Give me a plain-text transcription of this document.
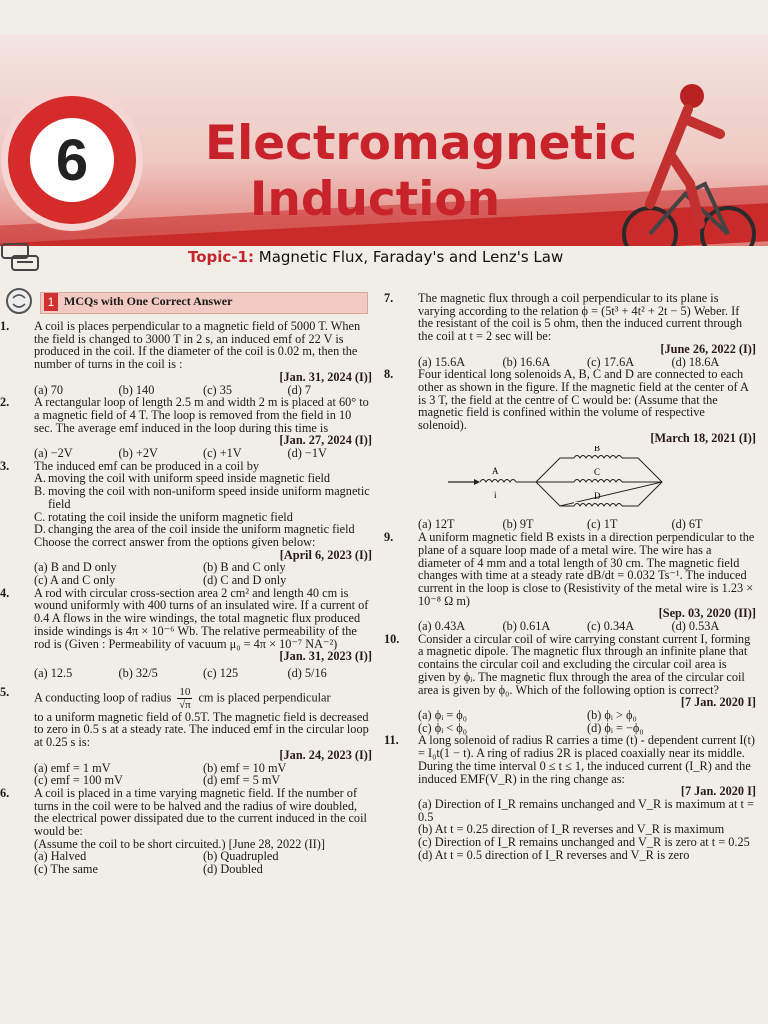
6	Electromagnetic
Induction
Topic-1: Magnetic Flux, Faraday's and Lenz's Law
1 MCQs with One Correct Answer
1. A coil is places perpendicular to a magnetic field of 5000 T. When the field is changed to 3000 T in 2 s, an induced emf of 22 V is produced in the coil. If the diameter of the coil is 0.02 m, then the number of turns in the coil is :
[Jan. 31, 2024 (I)]
(a) 70	(b) 140	(c) 35	(d) 7
2. A rectangular loop of length 2.5 m and width 2 m is placed at 60° to a magnetic field of 4 T. The loop is removed from the field in 10 sec. The average emf induced in the loop during this time is
[Jan. 27, 2024 (I)]
(a) −2V	(b) +2V	(c) +1V	(d) −1V
3. The induced emf can be produced in a coil by
A. moving the coil with uniform speed inside magnetic field
B. moving the coil with non-uniform speed inside uniform magnetic field
C. rotating the coil inside the uniform magnetic field
D. changing the area of the coil inside the uniform magnetic field
Choose the correct answer from the options given below:
[April 6, 2023 (I)]
(a) B and D only	(b) B and C only
(c) A and C only	(d) C and D only
4. A rod with circular cross-section area 2 cm² and length 40 cm is wound uniformly with 400 turns of an insulated wire. If a current of 0.4 A flows in the wire windings, the total magnetic flux produced inside windings is 4π × 10⁻⁶ Wb. The relative permeability of the rod is (Given : Permeability of vacuum μ₀ = 4π × 10⁻⁷ NA⁻²)
[Jan. 31, 2023 (I)]
(a) 12.5	(b) 32/5	(c) 125	(d) 5/16
5. A conducting loop of radius $\frac{10}{√\pi}$ cm is placed perpendicular
to a uniform magnetic field of 0.5T. The magnetic field is decreased to zero in 0.5 s at a steady rate. The induced emf in the circular loop at 0.25 s is:
[Jan. 24, 2023 (I)]
(a) emf = 1 mV	(b) emf = 10 mV
(c) emf = 100 mV	(d) emf = 5 mV
6. A coil is placed in a time varying magnetic field. If the number of turns in the coil were to be halved and the radius of wire doubled, the electrical power dissipated due to the current induced in the coil would be:
(Assume the coil to be short circuited.) [June 28, 2022 (II)]
(a) Halved	(b) Quadrupled
(c) The same	(d) Doubled
7. The magnetic flux through a coil perpendicular to its plane is varying according to the relation ϕ = (5t³ + 4t² + 2t − 5) Weber. If the resistant of the coil is 5 ohm, then the induced current through the coil at t = 2 sec will be:
[June 26, 2022 (I)]
(a) 15.6A	(b) 16.6A	(c) 17.6A	(d) 18.6A
8. Four identical long solenoids A, B, C and D are connected to each other as shown in the figure. If the magnetic field at the center of A is 3 T, the field at the centre of C would be: (Assume that the magnetic field is confined within the volume of respective solenoid).
[March 18, 2021 (I)]
A
i
B
C
D
(a) 12T	(b) 9T	(c) 1T	(d) 6T
9. A uniform magnetic field B exists in a direction perpendicular to the plane of a square loop made of a metal wire. The wire has a diameter of 4 mm and a total length of 30 cm. The magnetic field changes with time at a steady rate dB/dt = 0.032 Ts⁻¹. The induced current in the loop is close to (Resistivity of the metal wire is 1.23 × 10⁻⁸ Ω m)
[Sep. 03, 2020 (II)]
(a) 0.43A	(b) 0.61A	(c) 0.34A	(d) 0.53A
10. Consider a circular coil of wire carrying constant current I, forming a magnetic dipole. The magnetic flux through an infinite plane that contains the circular coil and excluding the circular coil area is given by ϕᵢ. The magnetic flux through the area of the circular coil area is given by ϕ₀. Which of the following option is correct?
[7 Jan. 2020 I]
(a) ϕᵢ = ϕ₀	(b) ϕᵢ > ϕ₀
(c) ϕᵢ < ϕ₀	(d) ϕᵢ = −ϕ₀
11. A long solenoid of radius R carries a time (t) - dependent current I(t) = I₀t(1 − t). A ring of radius 2R is placed coaxially near its middle. During the time interval 0 ≤ t ≤ 1, the induced current (I_R) and the induced EMF(V_R) in the ring change as:
[7 Jan. 2020 I]
(a) Direction of I_R remains unchanged and V_R is maximum at t = 0.5
(b) At t = 0.25 direction of I_R reverses and V_R is maximum
(c) Direction of I_R remains unchanged and V_R is zero at t = 0.25
(d) At t = 0.5 direction of I_R reverses and V_R is zero
